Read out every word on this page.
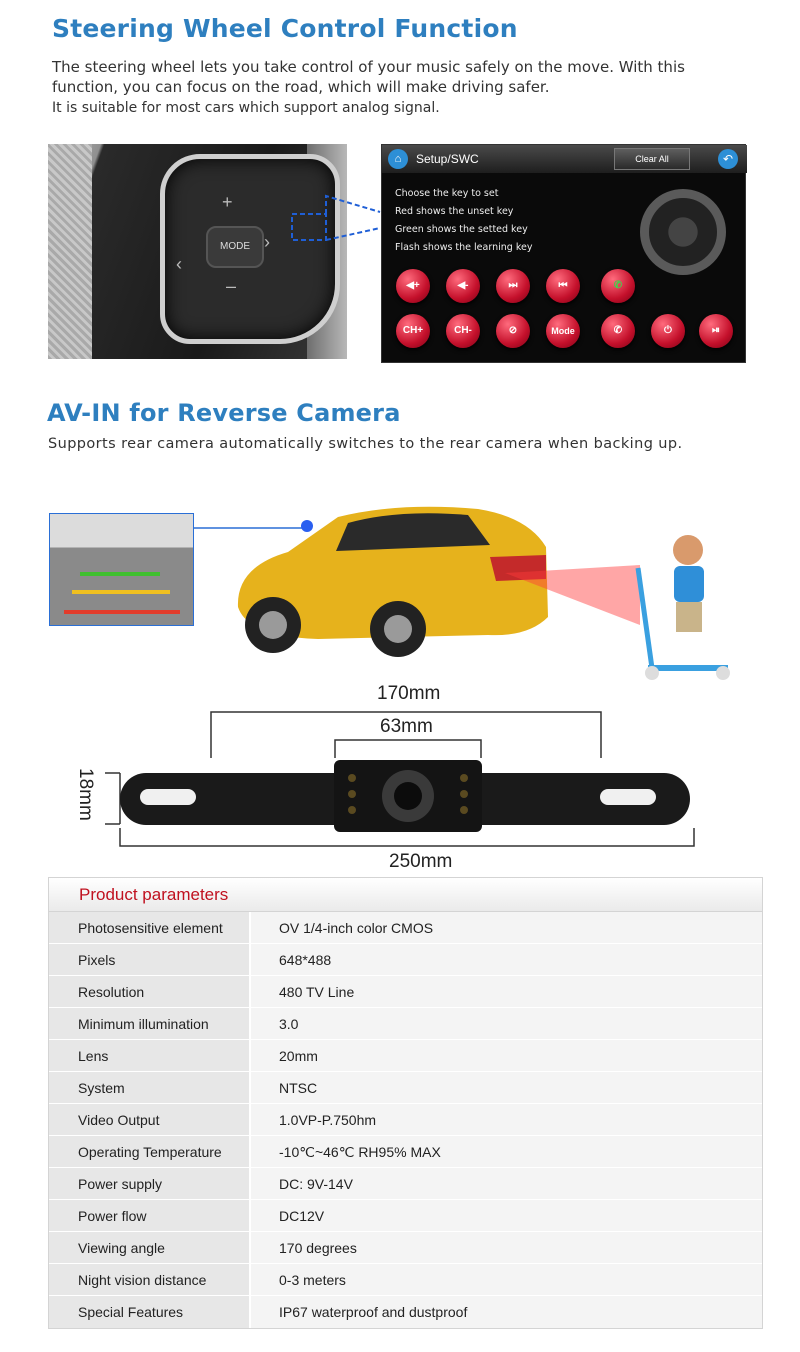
Steering Wheel Control Function
The steering wheel lets you take control of your music safely on the move. With this
function, you can focus on the road, which will make driving safer.
It is suitable for most cars which support analog signal.
+
‹
›
–
MODE
⌂	Setup/SWC	Clear All	↶
Choose the key to set
Red shows the unset key
Green shows the setted key
Flash shows the learning key
◀+	◀-	⏭	⏮	✆
CH+	CH-	⊘	Mode	✆	⏻	⏯
AV-IN for Reverse Camera
Supports rear camera automatically switches to the rear camera when backing up.
170mm
63mm
18mm
250mm
Product parameters
Photosensitive element	OV 1/4-inch color CMOS
Pixels	648*488
Resolution	480 TV Line
Minimum illumination	3.0
Lens	20mm
System	NTSC
Video Output	1.0VP-P.750hm
Operating Temperature	-10℃~46℃ RH95% MAX
Power supply	DC: 9V-14V
Power flow	DC12V
Viewing angle	170 degrees
Night vision distance	0-3 meters
Special Features	IP67 waterproof and dustproof
